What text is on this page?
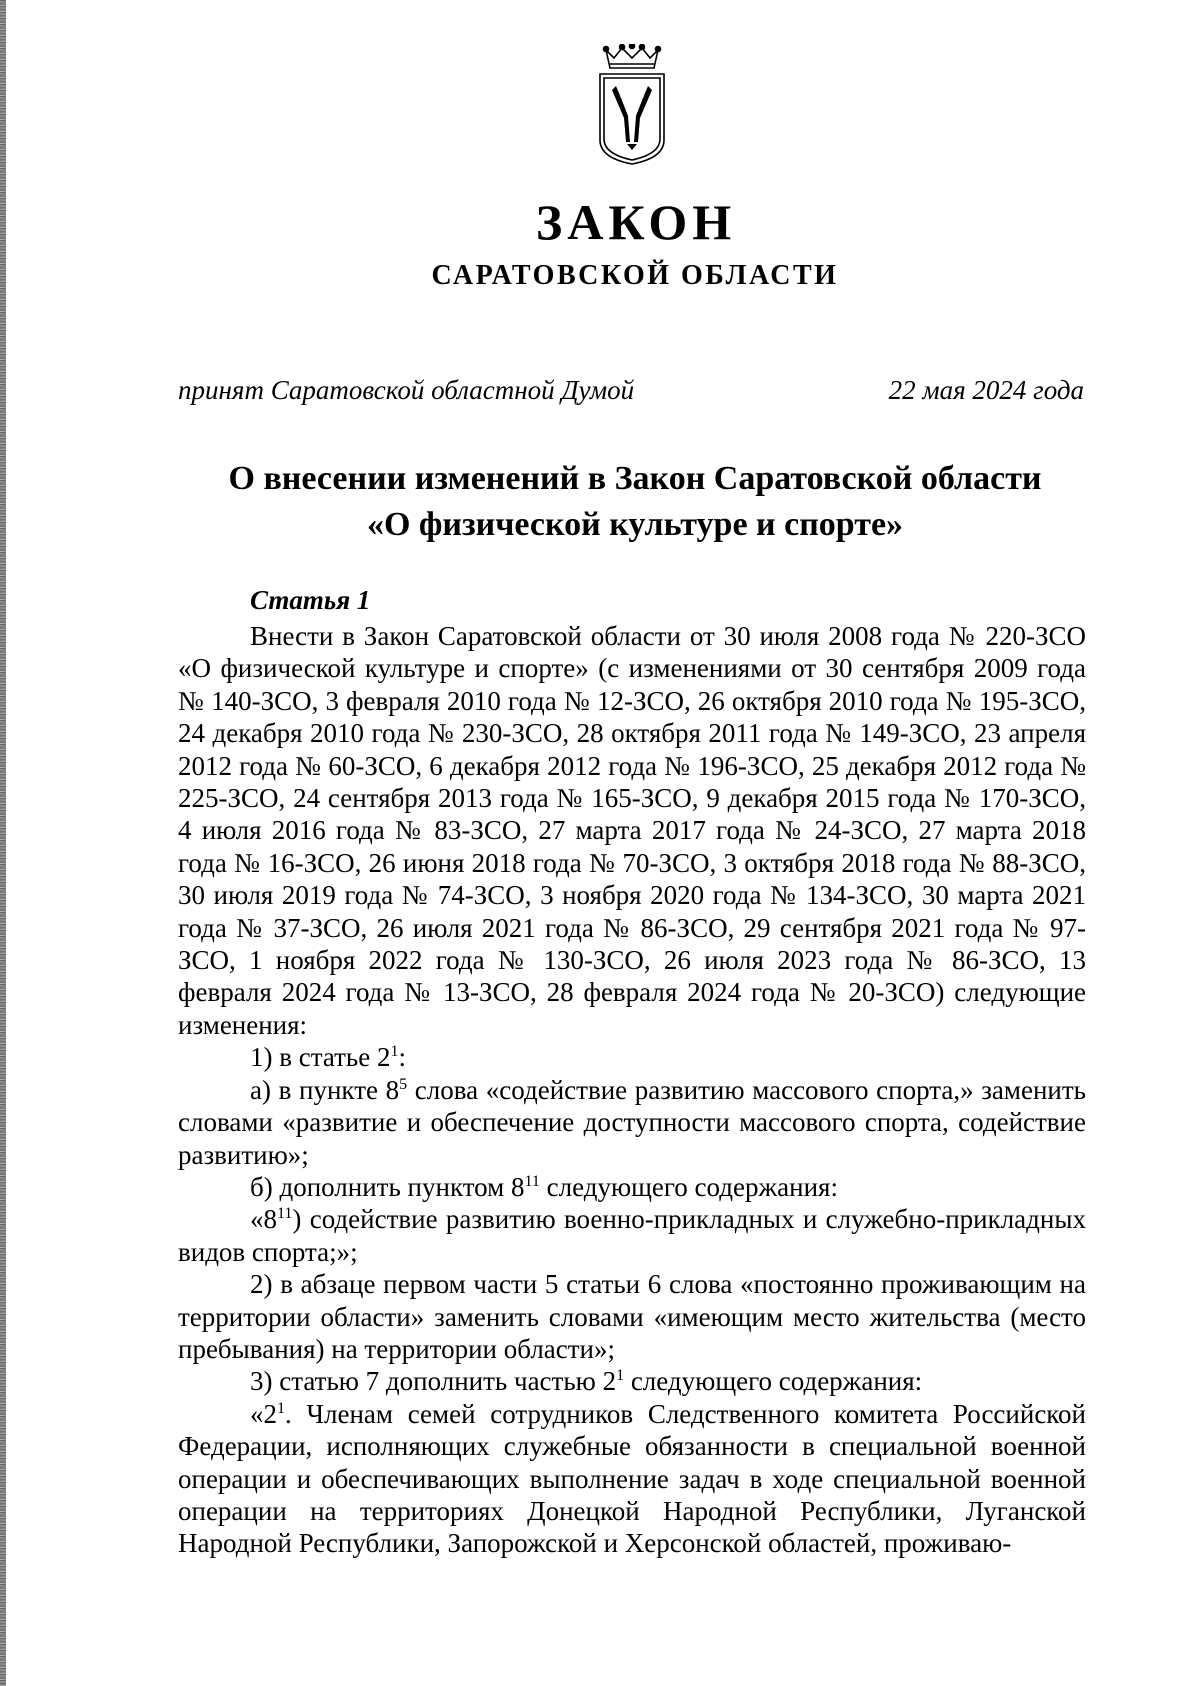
ЗАКОН
САРАТОВСКОЙ ОБЛАСТИ
принят Саратовской областной Думой	22 мая 2024 года
О внесении изменений в Закон Саратовской области
«О физической культуре и спорте»
Статья 1

Внести в Закон Саратовской области от 30 июля 2008 года № 220-ЗСО «О физической культуре и спорте» (с изменениями от 30 сентября 2009 года № 140-ЗСО, 3 февраля 2010 года № 12-ЗСО, 26 октября 2010 года № 195-ЗСО, 24 декабря 2010 года № 230-ЗСО, 28 октября 2011 года № 149-ЗСО, 23 апреля 2012 года № 60-ЗСО, 6 декабря 2012 года № 196-ЗСО, 25 декабря 2012 года № 225-ЗСО, 24 сентября 2013 года № 165-ЗСО, 9 декабря 2015 года № 170-ЗСО, 4 июля 2016 года № 83-ЗСО, 27 марта 2017 года № 24-ЗСО, 27 марта 2018 года № 16-ЗСО, 26 июня 2018 года № 70-ЗСО, 3 октября 2018 года № 88-ЗСО, 30 июля 2019 года № 74-ЗСО, 3 ноября 2020 года № 134-ЗСО, 30 марта 2021 года № 37-ЗСО, 26 июля 2021 года № 86-ЗСО, 29 сентября 2021 года № 97-ЗСО, 1 ноября 2022 года № 130-ЗСО, 26 июля 2023 года № 86-ЗСО, 13 февраля 2024 года № 13-ЗСО, 28 февраля 2024 года № 20-ЗСО) следующие изменения:

1) в статье $2^1$:

а) в пункте $8^5$ слова «содействие развитию массового спорта,» заменить словами «развитие и обеспечение доступности массового спорта, содействие развитию»;

б) дополнить пунктом $8^{11}$ следующего содержания:

«$8^{11}$) содействие развитию военно-прикладных и служебно-прикладных видов спорта;»;

2) в абзаце первом части 5 статьи 6 слова «постоянно проживающим на территории области» заменить словами «имеющим место жительства (место пребывания) на территории области»;

3) статью 7 дополнить частью $2^1$ следующего содержания:

«$2^1$. Членам семей сотрудников Следственного комитета Российской Федерации, исполняющих служебные обязанности в специальной военной операции и обеспечивающих выполнение задач в ходе специальной военной операции на территориях Донецкой Народной Республики, Луганской Народной Республики, Запорожской и Херсонской областей, проживаю-
